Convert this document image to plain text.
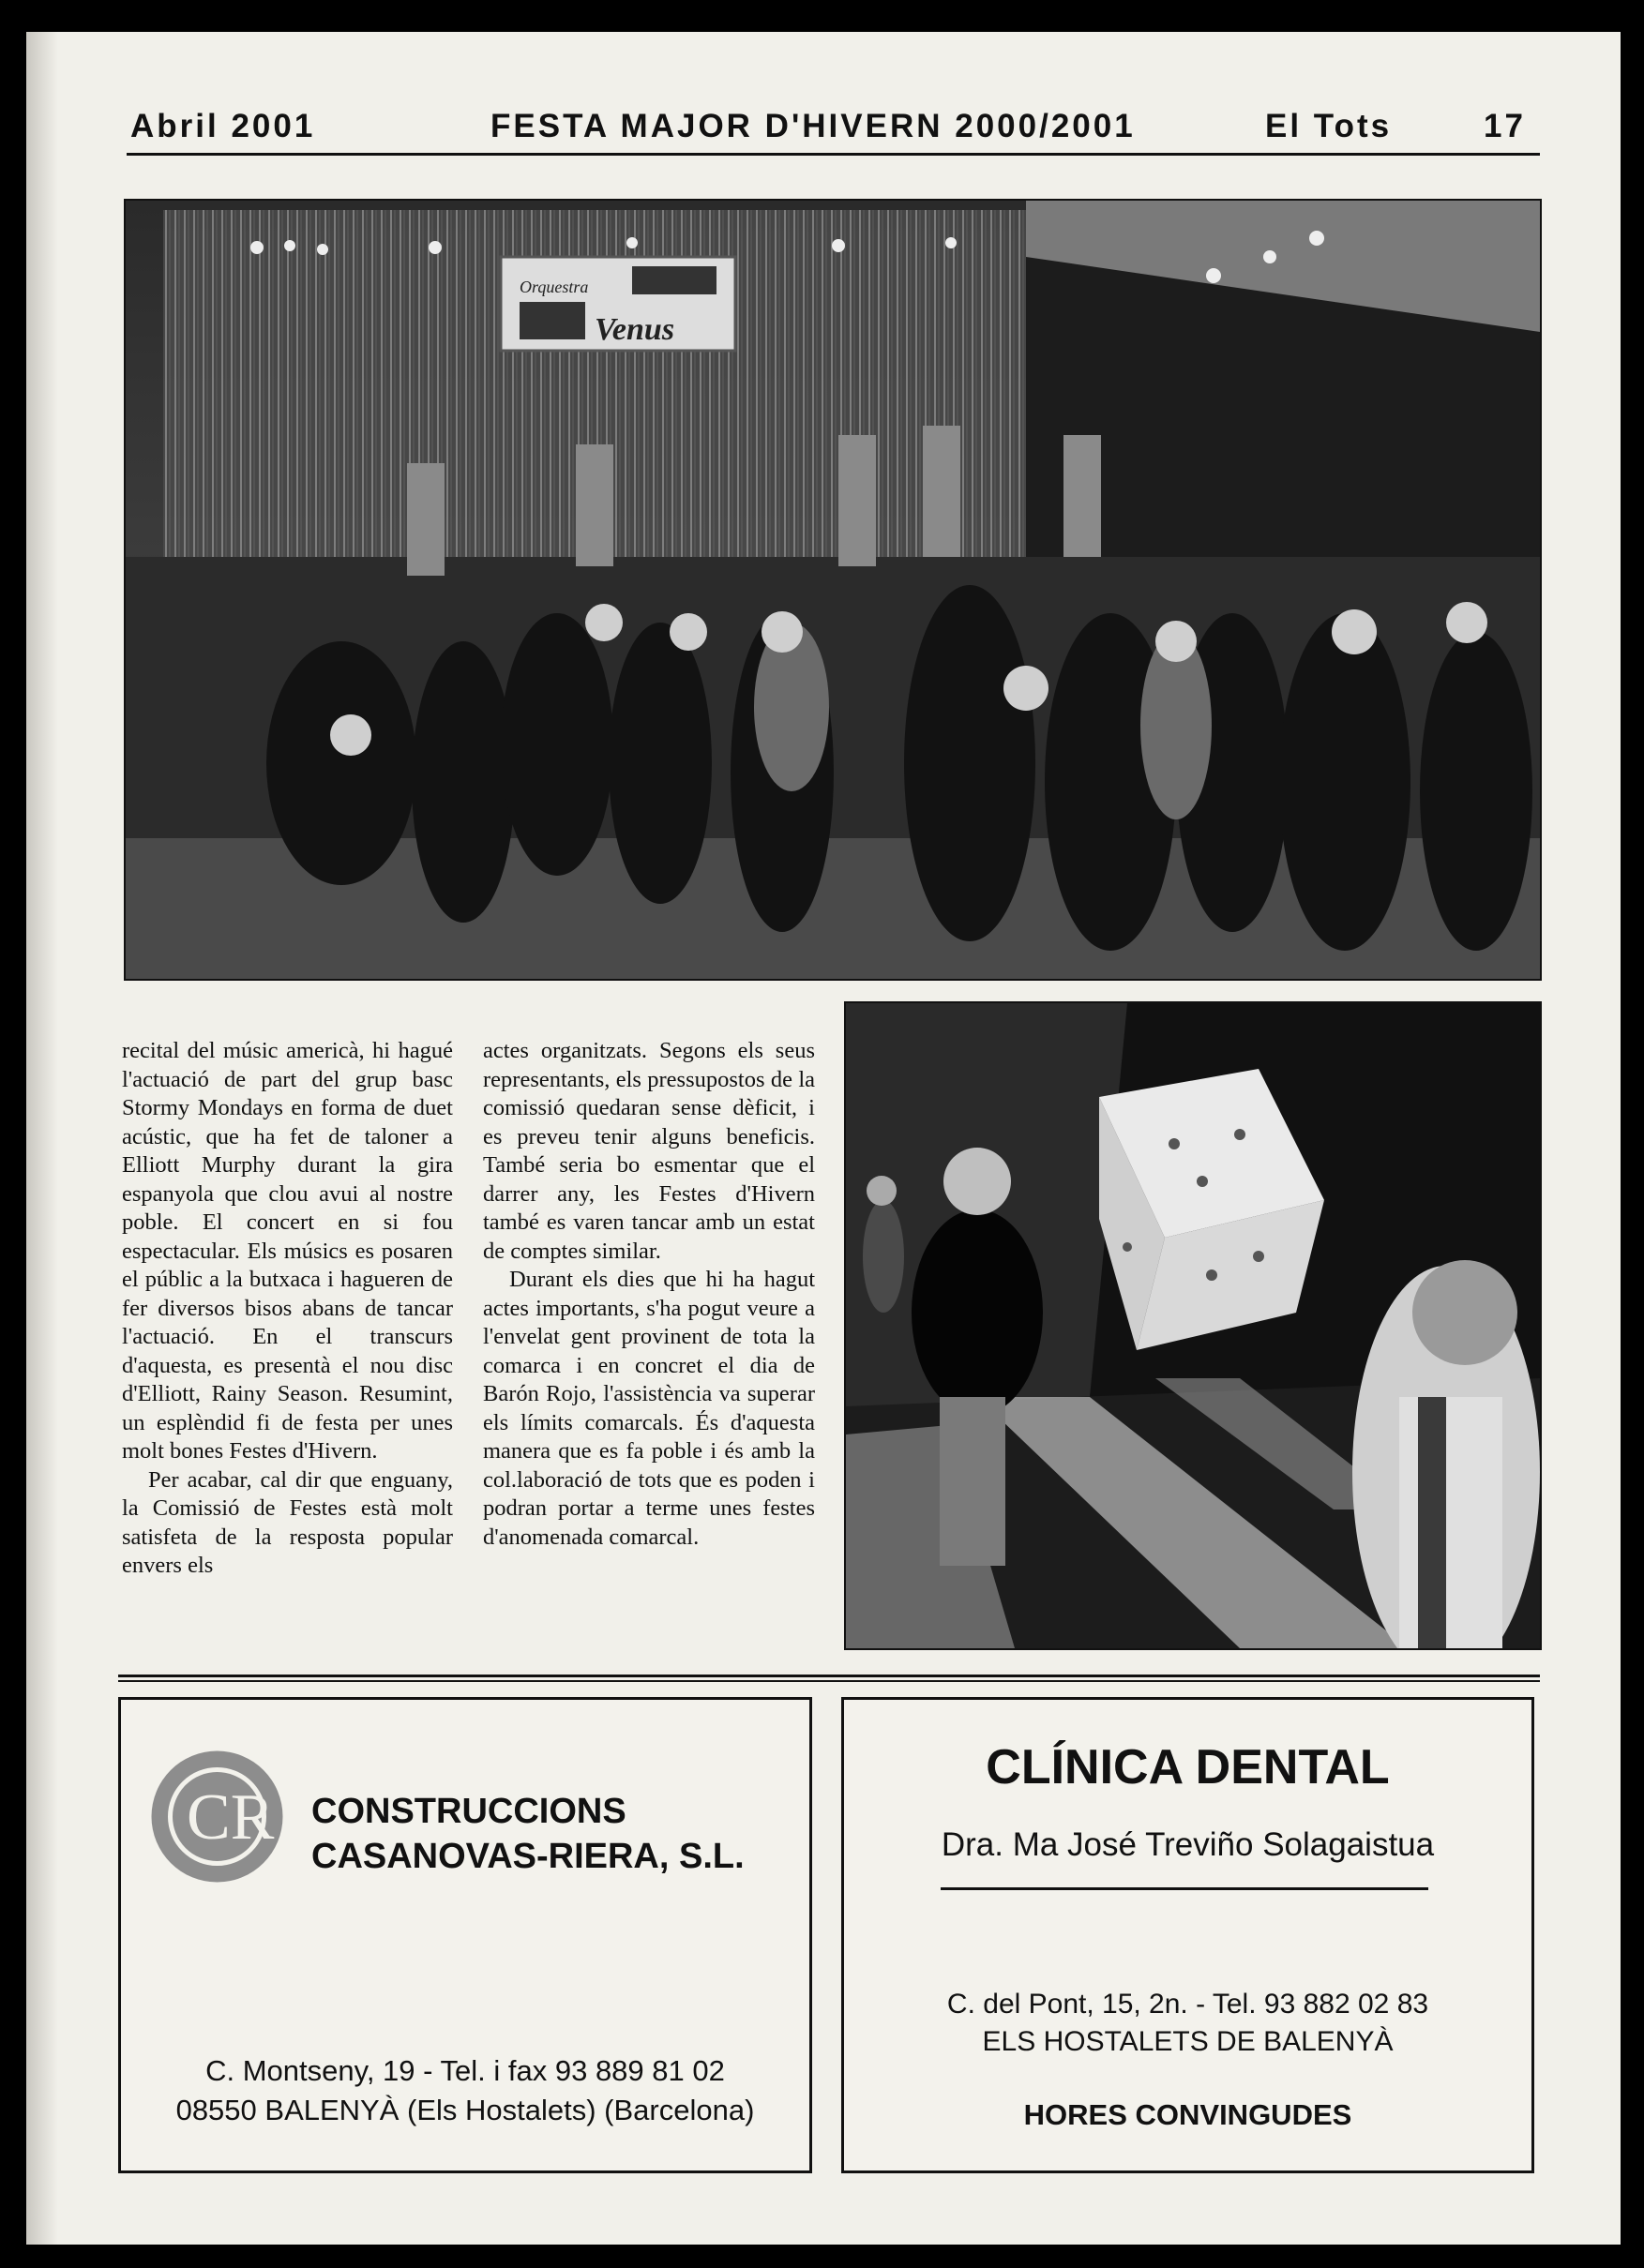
Abril 2001	FESTA MAJOR D'HIVERN 2000/2001	El Tots	17
Orquestra
Venus

recital del músic americà, hi hagué l'actuació de part del grup basc Stormy Mondays en forma de duet acústic, que ha fet de taloner a Elliott Murphy durant la gira espanyola que clou avui al nostre poble. El concert en si fou espectacular. Els músics es posaren el públic a la butxaca i hagueren de fer diversos bisos abans de tancar l'actuació. En el transcurs d'aquesta, es presentà el nou disc d'Elliott, Rainy Season. Resumint, un esplèndid fi de festa per unes molt bones Festes d'Hivern.

Per acabar, cal dir que enguany, la Comissió de Festes està molt satisfeta de la resposta popular envers els

actes organitzats. Segons els seus representants, els pressupostos de la comissió quedaran sense dèficit, i es preveu tenir alguns beneficis. També seria bo esmentar que el darrer any, les Festes d'Hivern també es varen tancar amb un estat de comptes similar.

Durant els dies que hi ha hagut actes importants, s'ha pogut veure a l'envelat gent provinent de tota la comarca i en concret el dia de Barón Rojo, l'assistència va superar els límits comarcals. És d'aquesta manera que es fa poble i és amb la col.laboració de tots que es poden i podran portar a terme unes festes d'anomenada comarcal.

CR CONSTRUCCIONS
CASANOVAS-RIERA, S.L.
C. Montseny, 19 - Tel. i fax 93 889 81 02
08550 BALENYÀ (Els Hostalets) (Barcelona)
CLÍNICA DENTAL
Dra. Ma José Treviño Solagaistua
C. del Pont, 15, 2n. - Tel. 93 882 02 83
ELS HOSTALETS DE BALENYÀ
HORES CONVINGUDES
